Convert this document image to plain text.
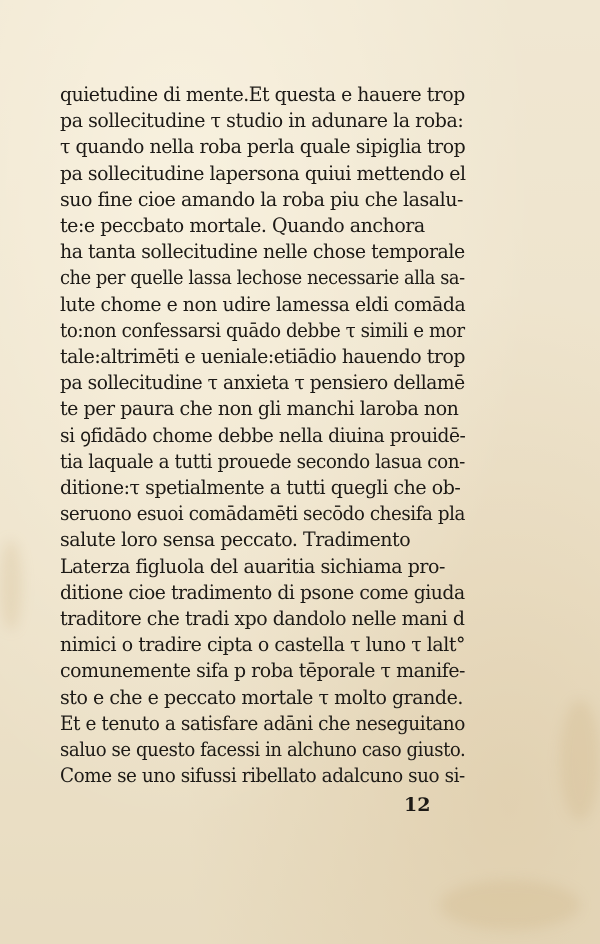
quietudine di mente.Et questa e hauere trop
pa sollecitudine τ studio in adunare la roba:
τ quando nella roba perla quale sipiglia trop
pa sollecitudine lapersona quiui mettendo el
suo fine cioe amando la roba piu che lasalu-
te:e peccbato mortale. Quando anchora
ha tanta sollecitudine nelle chose temporale
che per quelle lassa lechose necessarie alla sa-
lute chome e non udire lamessa eldi comāda
to:non confessarsi quādo debbe τ simili e mor
tale:altrimēti e ueniale:etiādio hauendo trop
pa sollecitudine τ anxieta τ pensiero dellamē
te per paura che non gli manchi laroba non
si ꝯfidādo chome debbe nella diuina prouidē-
tia laquale a tutti prouede secondo lasua con-
ditione:τ spetialmente a tutti quegli che ob-
seruono esuoi comādamēti secōdo chesifa pla
salute loro sensa peccato. Tradimento
Laterza figluola del auaritia sichiama pro-
ditione cioe tradimento di psone come giuda
traditore che tradi xpo dandolo nelle mani d
nimici o tradire cipta o castella τ luno τ lalt°
comunemente sifa p roba tēporale τ manife-
sto e che e peccato mortale τ molto grande.
Et e tenuto a satisfare adāni che neseguitano
saluo se questo facessi in alchuno caso giusto.
Come se uno sifussi ribellato adalcuno suo si-
12
